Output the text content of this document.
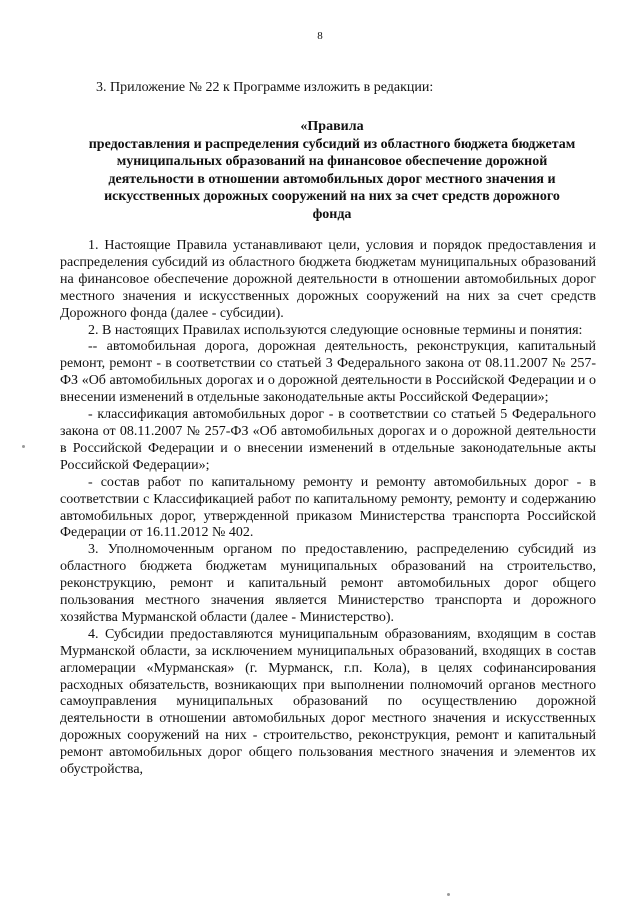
8
3. Приложение № 22 к Программе изложить в редакции:
«Правила
предоставления и распределения субсидий из областного бюджета бюджетам
муниципальных образований на финансовое обеспечение дорожной
деятельности в отношении автомобильных дорог местного значения и
искусственных дорожных сооружений на них за счет средств дорожного
фонда
1. Настоящие Правила устанавливают цели, условия и порядок предоставления и распределения субсидий из областного бюджета бюджетам муниципальных образований на финансовое обеспечение дорожной деятельности в отношении автомобильных дорог местного значения и искусственных дорожных сооружений на них за счет средств Дорожного фонда (далее - субсидии).
2. В настоящих Правилах используются следующие основные термины и понятия:
-- автомобильная дорога, дорожная деятельность, реконструкция, капитальный ремонт, ремонт - в соответствии со статьей 3 Федерального закона от 08.11.2007 № 257-ФЗ «Об автомобильных дорогах и о дорожной деятельности в Российской Федерации и о внесении изменений в отдельные законодательные акты Российской Федерации»;
- классификация автомобильных дорог - в соответствии со статьей 5 Федерального закона от 08.11.2007 № 257-ФЗ «Об автомобильных дорогах и о дорожной деятельности в Российской Федерации и о внесении изменений в отдельные законодательные акты Российской Федерации»;
- состав работ по капитальному ремонту и ремонту автомобильных дорог - в соответствии с Классификацией работ по капитальному ремонту, ремонту и содержанию автомобильных дорог, утвержденной приказом Министерства транспорта Российской Федерации от 16.11.2012 № 402.
3. Уполномоченным органом по предоставлению, распределению субсидий из областного бюджета бюджетам муниципальных образований на строительство, реконструкцию, ремонт и капитальный ремонт автомобильных дорог общего пользования местного значения является Министерство транспорта и дорожного хозяйства Мурманской области (далее - Министерство).
4. Субсидии предоставляются муниципальным образованиям, входящим в состав Мурманской области, за исключением муниципальных образований, входящих в состав агломерации «Мурманская» (г. Мурманск, г.п. Кола), в целях софинансирования расходных обязательств, возникающих при выполнении полномочий органов местного самоуправления муниципальных образований по осуществлению дорожной деятельности в отношении автомобильных дорог местного значения и искусственных дорожных сооружений на них - строительство, реконструкция, ремонт и капитальный ремонт автомобильных дорог общего пользования местного значения и элементов их обустройства,
